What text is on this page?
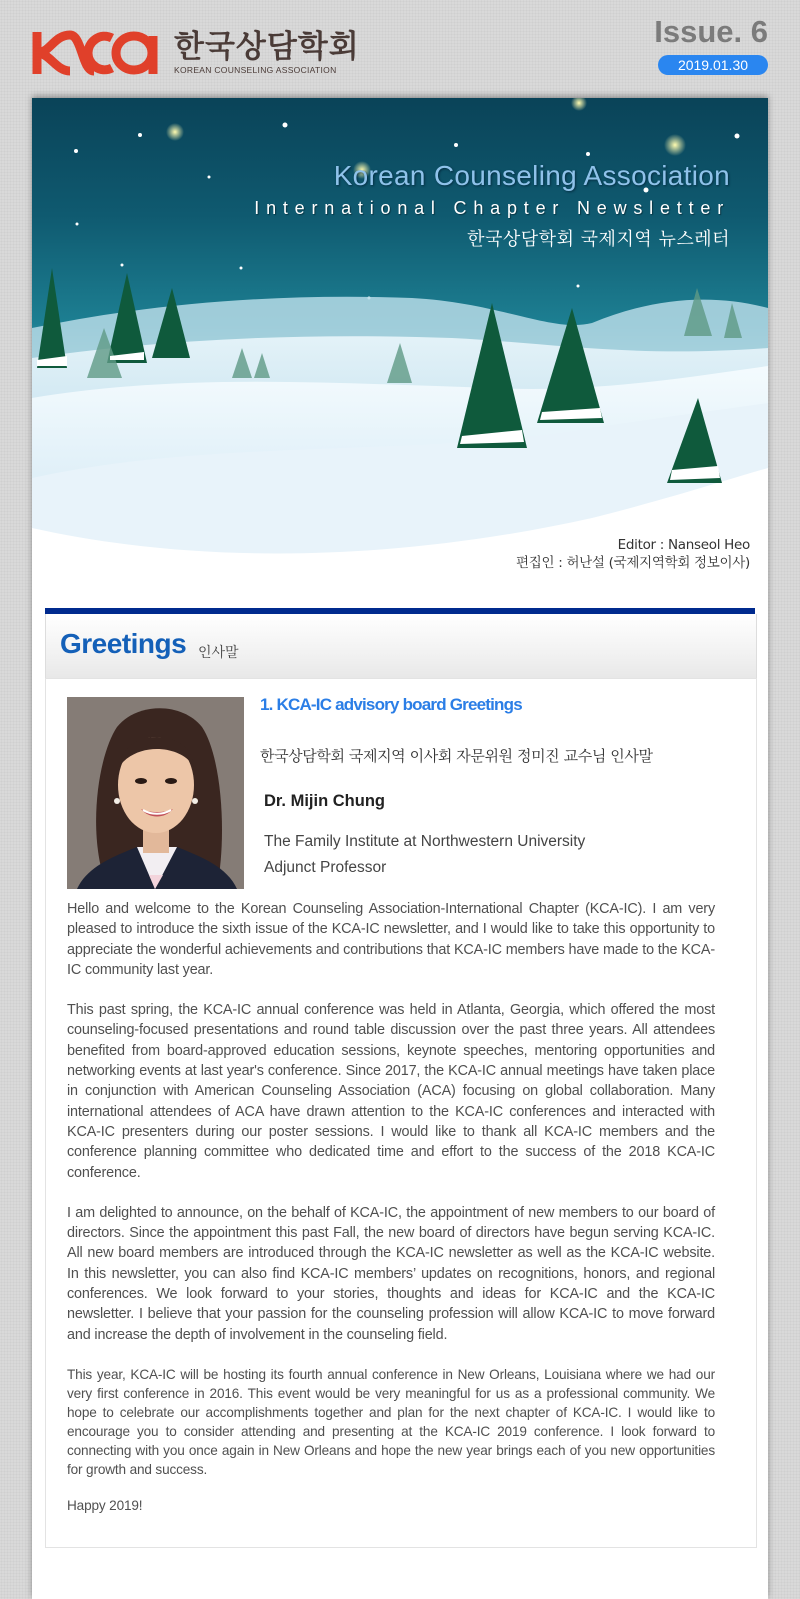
한국상담학회
KOREAN COUNSELING ASSOCIATION
Issue. 6
2019.01.30
Korean Counseling Association
International Chapter Newsletter
한국상담학회 국제지역 뉴스레터
Editor : Nanseol Heo
편집인 : 허난설 (국제지역학회 정보이사)
Greetings 인사말
1. KCA-IC advisory board Greetings
한국상담학회 국제지역 이사회 자문위원 정미진 교수님 인사말
Dr. Mijin Chung
The Family Institute at Northwestern University
Adjunct Professor

Hello and welcome to the Korean Counseling Association-International Chapter (KCA-IC). I am very pleased to introduce the sixth issue of the KCA-IC newsletter, and I would like to take this opportunity to appreciate the wonderful achievements and contributions that KCA-IC members have made to the KCA-IC community last year.

This past spring, the KCA-IC annual conference was held in Atlanta, Georgia, which offered the most counseling-focused presentations and round table discussion over the past three years. All attendees benefited from board-approved education sessions, keynote speeches, mentoring opportunities and networking events at last year's conference. Since 2017, the KCA-IC annual meetings have taken place in conjunction with American Counseling Association (ACA) focusing on global collaboration. Many international attendees of ACA have drawn attention to the KCA-IC conferences and interacted with KCA-IC presenters during our poster sessions. I would like to thank all KCA-IC members and the conference planning committee who dedicated time and effort to the success of the 2018 KCA-IC conference.

I am delighted to announce, on the behalf of KCA-IC, the appointment of new members to our board of directors. Since the appointment this past Fall, the new board of directors have begun serving KCA-IC. All new board members are introduced through the KCA-IC newsletter as well as the KCA-IC website. In this newsletter, you can also find KCA-IC members’ updates on recognitions, honors, and regional conferences. We look forward to your stories, thoughts and ideas for KCA-IC and the KCA-IC newsletter. I believe that your passion for the counseling profession will allow KCA-IC to move forward and increase the depth of involvement in the counseling field.

This year, KCA-IC will be hosting its fourth annual conference in New Orleans, Louisiana where we had our very first conference in 2016. This event would be very meaningful for us as a professional community. We hope to celebrate our accomplishments together and plan for the next chapter of KCA-IC. I would like to encourage you to consider attending and presenting at the KCA-IC 2019 conference. I look forward to connecting with you once again in New Orleans and hope the new year brings each of you new opportunities for growth and success.

Happy 2019!
